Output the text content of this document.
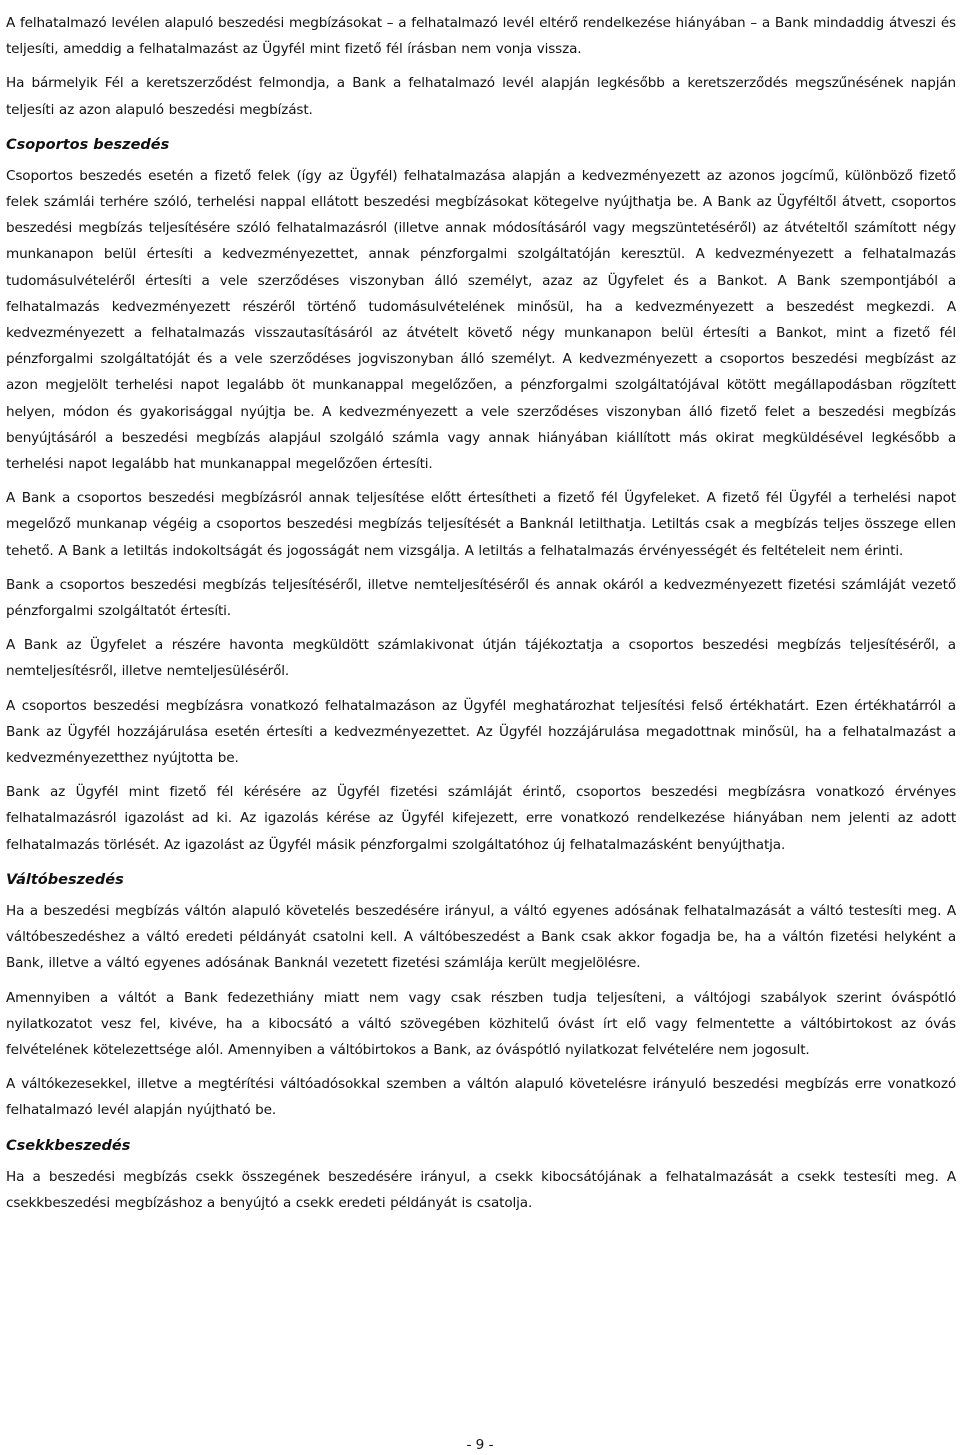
A felhatalmazó levélen alapuló beszedési megbízásokat – a felhatalmazó levél eltérő rendelkezése hiányában – a Bank mindaddig átveszi és teljesíti, ameddig a felhatalmazást az Ügyfél mint fizető fél írásban nem vonja vissza.

Ha bármelyik Fél a keretszerződést felmondja, a Bank a felhatalmazó levél alapján legkésőbb a keretszerződés megszűnésének napján teljesíti az azon alapuló beszedési megbízást.

Csoportos beszedés

Csoportos beszedés esetén a fizető felek (így az Ügyfél) felhatalmazása alapján a kedvezményezett az azonos jogcímű, különböző fizető felek számlái terhére szóló, terhelési nappal ellátott beszedési megbízásokat kötegelve nyújthatja be. A Bank az Ügyféltől átvett, csoportos beszedési megbízás teljesítésére szóló felhatalmazásról (illetve annak módosításáról vagy megszüntetéséről) az átvételtől számított négy munkanapon belül értesíti a kedvezményezettet, annak pénzforgalmi szolgáltatóján keresztül. A kedvezményezett a felhatalmazás tudomásulvételéről értesíti a vele szerződéses viszonyban álló személyt, azaz az Ügyfelet és a Bankot. A Bank szempontjából a felhatalmazás kedvezményezett részéről történő tudomásulvételének minősül, ha a kedvezményezett a beszedést megkezdi. A kedvezményezett a felhatalmazás visszautasításáról az átvételt követő négy munkanapon belül értesíti a Bankot, mint a fizető fél pénzforgalmi szolgáltatóját és a vele szerződéses jogviszonyban álló személyt. A kedvezményezett a csoportos beszedési megbízást az azon megjelölt terhelési napot legalább öt munkanappal megelőzően, a pénzforgalmi szolgáltatójával kötött megállapodásban rögzített helyen, módon és gyakorisággal nyújtja be. A kedvezményezett a vele szerződéses viszonyban álló fizető felet a beszedési megbízás benyújtásáról a beszedési megbízás alapjául szolgáló számla vagy annak hiányában kiállított más okirat megküldésével legkésőbb a terhelési napot legalább hat munkanappal megelőzően értesíti.

A Bank a csoportos beszedési megbízásról annak teljesítése előtt értesítheti a fizető fél Ügyfeleket. A fizető fél Ügyfél a terhelési napot megelőző munkanap végéig a csoportos beszedési megbízás teljesítését a Banknál letilthatja. Letiltás csak a megbízás teljes összege ellen tehető. A Bank a letiltás indokoltságát és jogosságát nem vizsgálja. A letiltás a felhatalmazás érvényességét és feltételeit nem érinti.

Bank a csoportos beszedési megbízás teljesítéséről, illetve nemteljesítéséről és annak okáról a kedvezményezett fizetési számláját vezető pénzforgalmi szolgáltatót értesíti.

A Bank az Ügyfelet a részére havonta megküldött számlakivonat útján tájékoztatja a csoportos beszedési megbízás teljesítéséről, a nemteljesítésről, illetve nemteljesüléséről.

A csoportos beszedési megbízásra vonatkozó felhatalmazáson az Ügyfél meghatározhat teljesítési felső értékhatárt. Ezen értékhatárról a Bank az Ügyfél hozzájárulása esetén értesíti a kedvezményezettet. Az Ügyfél hozzájárulása megadottnak minősül, ha a felhatalmazást a kedvezményezetthez nyújtotta be.

Bank az Ügyfél mint fizető fél kérésére az Ügyfél fizetési számláját érintő, csoportos beszedési megbízásra vonatkozó érvényes felhatalmazásról igazolást ad ki. Az igazolás kérése az Ügyfél kifejezett, erre vonatkozó rendelkezése hiányában nem jelenti az adott felhatalmazás törlését. Az igazolást az Ügyfél másik pénzforgalmi szolgáltatóhoz új felhatalmazásként benyújthatja.

Váltóbeszedés

Ha a beszedési megbízás váltón alapuló követelés beszedésére irányul, a váltó egyenes adósának felhatalmazását a váltó testesíti meg. A váltóbeszedéshez a váltó eredeti példányát csatolni kell. A váltóbeszedést a Bank csak akkor fogadja be, ha a váltón fizetési helyként a Bank, illetve a váltó egyenes adósának Banknál vezetett fizetési számlája került megjelölésre.

Amennyiben a váltót a Bank fedezethiány miatt nem vagy csak részben tudja teljesíteni, a váltójogi szabályok szerint óváspótló nyilatkozatot vesz fel, kivéve, ha a kibocsátó a váltó szövegében közhitelű óvást írt elő vagy felmentette a váltóbirtokost az óvás felvételének kötelezettsége alól. Amennyiben a váltóbirtokos a Bank, az óváspótló nyilatkozat felvételére nem jogosult.

A váltókezesekkel, illetve a megtérítési váltóadósokkal szemben a váltón alapuló követelésre irányuló beszedési megbízás erre vonatkozó felhatalmazó levél alapján nyújtható be.

Csekkbeszedés

Ha a beszedési megbízás csekk összegének beszedésére irányul, a csekk kibocsátójának a felhatalmazását a csekk testesíti meg. A csekkbeszedési megbízáshoz a benyújtó a csekk eredeti példányát is csatolja.

- 9 -
